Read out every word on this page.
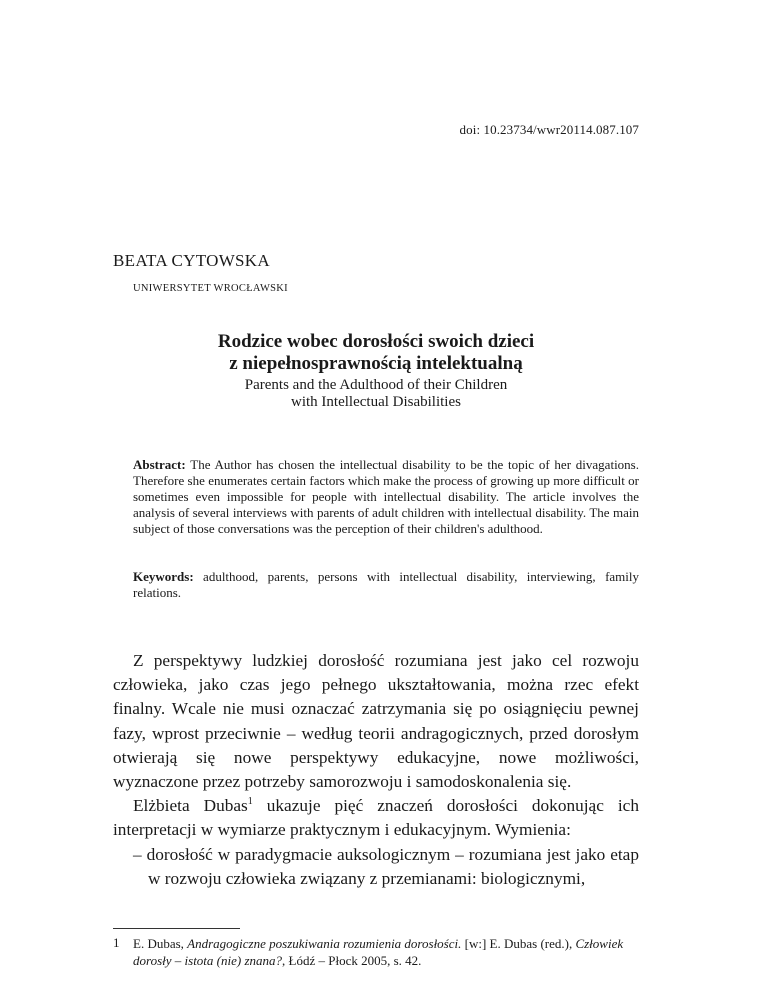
doi: 10.23734/wwr20114.087.107
BEATA CYTOWSKA
UNIWERSYTET WROCŁAWSKI

Rodzice wobec dorosłości swoich dzieci
z niepełnosprawnością intelektualną

Parents and the Adulthood of their Children
with Intellectual Disabilities

Abstract: The Author has chosen the intellectual disability to be the topic of her divagations. Therefore she enumerates certain factors which make the process of growing up more difficult or sometimes even impossible for people with intellectual disability. The article involves the analysis of several interviews with parents of adult children with intellectual disability. The main subject of those conversations was the perception of their children's adulthood.

Keywords: adulthood, parents, persons with intellectual disability, interviewing, family relations.

Z perspektywy ludzkiej dorosłość rozumiana jest jako cel rozwoju człowieka, jako czas jego pełnego ukształtowania, można rzec efekt finalny. Wcale nie musi oznaczać zatrzymania się po osiągnięciu pewnej fazy, wprost przeciwnie – według teorii andragogicznych, przed dorosłym otwierają się nowe perspektywy edukacyjne, nowe możliwości, wyznaczone przez potrzeby samorozwoju i samodoskonalenia się.

Elżbieta Dubas$^1$ ukazuje pięć znaczeń dorosłości dokonując ich interpretacji w wymiarze praktycznym i edukacyjnym. Wymienia:

– dorosłość w paradygmacie auksologicznym – rozumiana jest jako etap w rozwoju człowieka związany z przemianami: biologicznymi,

1 E. Dubas, Andragogiczne poszukiwania rozumienia dorosłości. [w:] E. Dubas (red.), Człowiek dorosły – istota (nie) znana?, Łódź – Płock 2005, s. 42.
